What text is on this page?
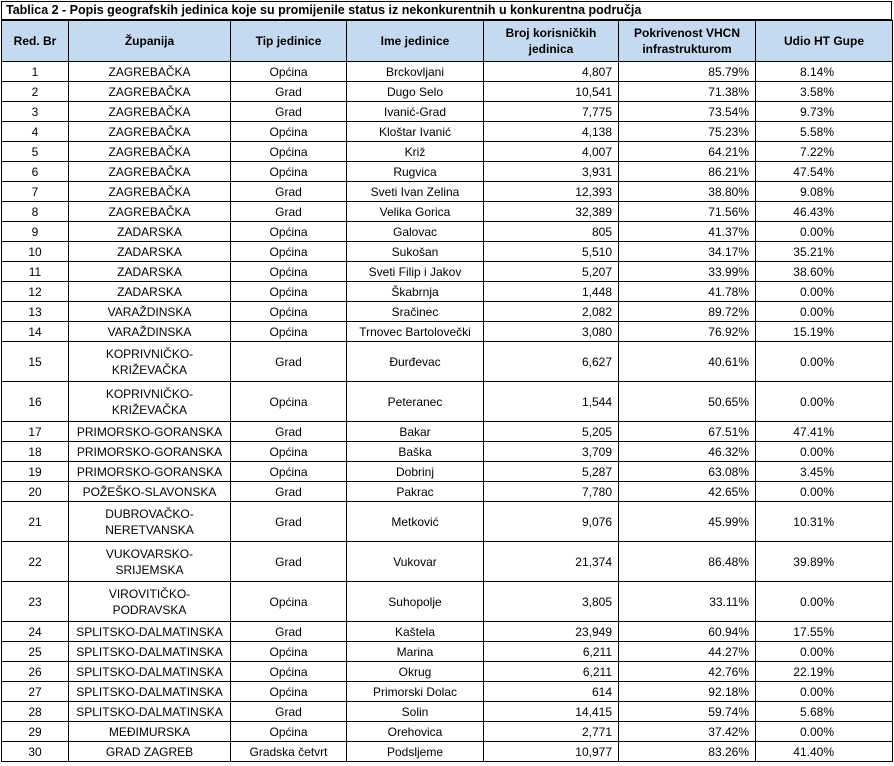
Tablica 2 - Popis geografskih jedinica koje su promijenile status iz nekonkurentnih u konkurentna područja
Red. Br	Županija	Tip jedinice	Ime jedinice	Broj korisničkih jedinica	Pokrivenost VHCN infrastrukturom	Udio HT Gupe
1	ZAGREBAČKA	Općina	Brckovljani	4,807	85.79%	8.14%
2	ZAGREBAČKA	Grad	Dugo Selo	10,541	71.38%	3.58%
3	ZAGREBAČKA	Grad	Ivanić-Grad	7,775	73.54%	9.73%
4	ZAGREBAČKA	Općina	Kloštar Ivanić	4,138	75.23%	5.58%
5	ZAGREBAČKA	Općina	Križ	4,007	64.21%	7.22%
6	ZAGREBAČKA	Općina	Rugvica	3,931	86.21%	47.54%
7	ZAGREBAČKA	Grad	Sveti Ivan Zelina	12,393	38.80%	9.08%
8	ZAGREBAČKA	Grad	Velika Gorica	32,389	71.56%	46.43%
9	ZADARSKA	Općina	Galovac	805	41.37%	0.00%
10	ZADARSKA	Općina	Sukošan	5,510	34.17%	35.21%
11	ZADARSKA	Općina	Sveti Filip i Jakov	5,207	33.99%	38.60%
12	ZADARSKA	Općina	Škabrnja	1,448	41.78%	0.00%
13	VARAŽDINSKA	Općina	Sračinec	2,082	89.72%	0.00%
14	VARAŽDINSKA	Općina	Trnovec Bartolovečki	3,080	76.92%	15.19%
15	KOPRIVNIČKO-KRIŽEVAČKA	Grad	Đurđevac	6,627	40.61%	0.00%
16	KOPRIVNIČKO-KRIŽEVAČKA	Općina	Peteranec	1,544	50.65%	0.00%
17	PRIMORSKO-GORANSKA	Grad	Bakar	5,205	67.51%	47.41%
18	PRIMORSKO-GORANSKA	Općina	Baška	3,709	46.32%	0.00%
19	PRIMORSKO-GORANSKA	Općina	Dobrinj	5,287	63.08%	3.45%
20	POŽEŠKO-SLAVONSKA	Grad	Pakrac	7,780	42.65%	0.00%
21	DUBROVAČKO-NERETVANSKA	Grad	Metković	9,076	45.99%	10.31%
22	VUKOVARSKO-SRIJEMSKA	Grad	Vukovar	21,374	86.48%	39.89%
23	VIROVITIČKO-PODRAVSKA	Općina	Suhopolje	3,805	33.11%	0.00%
24	SPLITSKO-DALMATINSKA	Grad	Kaštela	23,949	60.94%	17.55%
25	SPLITSKO-DALMATINSKA	Općina	Marina	6,211	44.27%	0.00%
26	SPLITSKO-DALMATINSKA	Općina	Okrug	6,211	42.76%	22.19%
27	SPLITSKO-DALMATINSKA	Općina	Primorski Dolac	614	92.18%	0.00%
28	SPLITSKO-DALMATINSKA	Grad	Solin	14,415	59.74%	5.68%
29	MEĐIMURSKA	Općina	Orehovica	2,771	37.42%	0.00%
30	GRAD ZAGREB	Gradska četvrt	Podsljeme	10,977	83.26%	41.40%
